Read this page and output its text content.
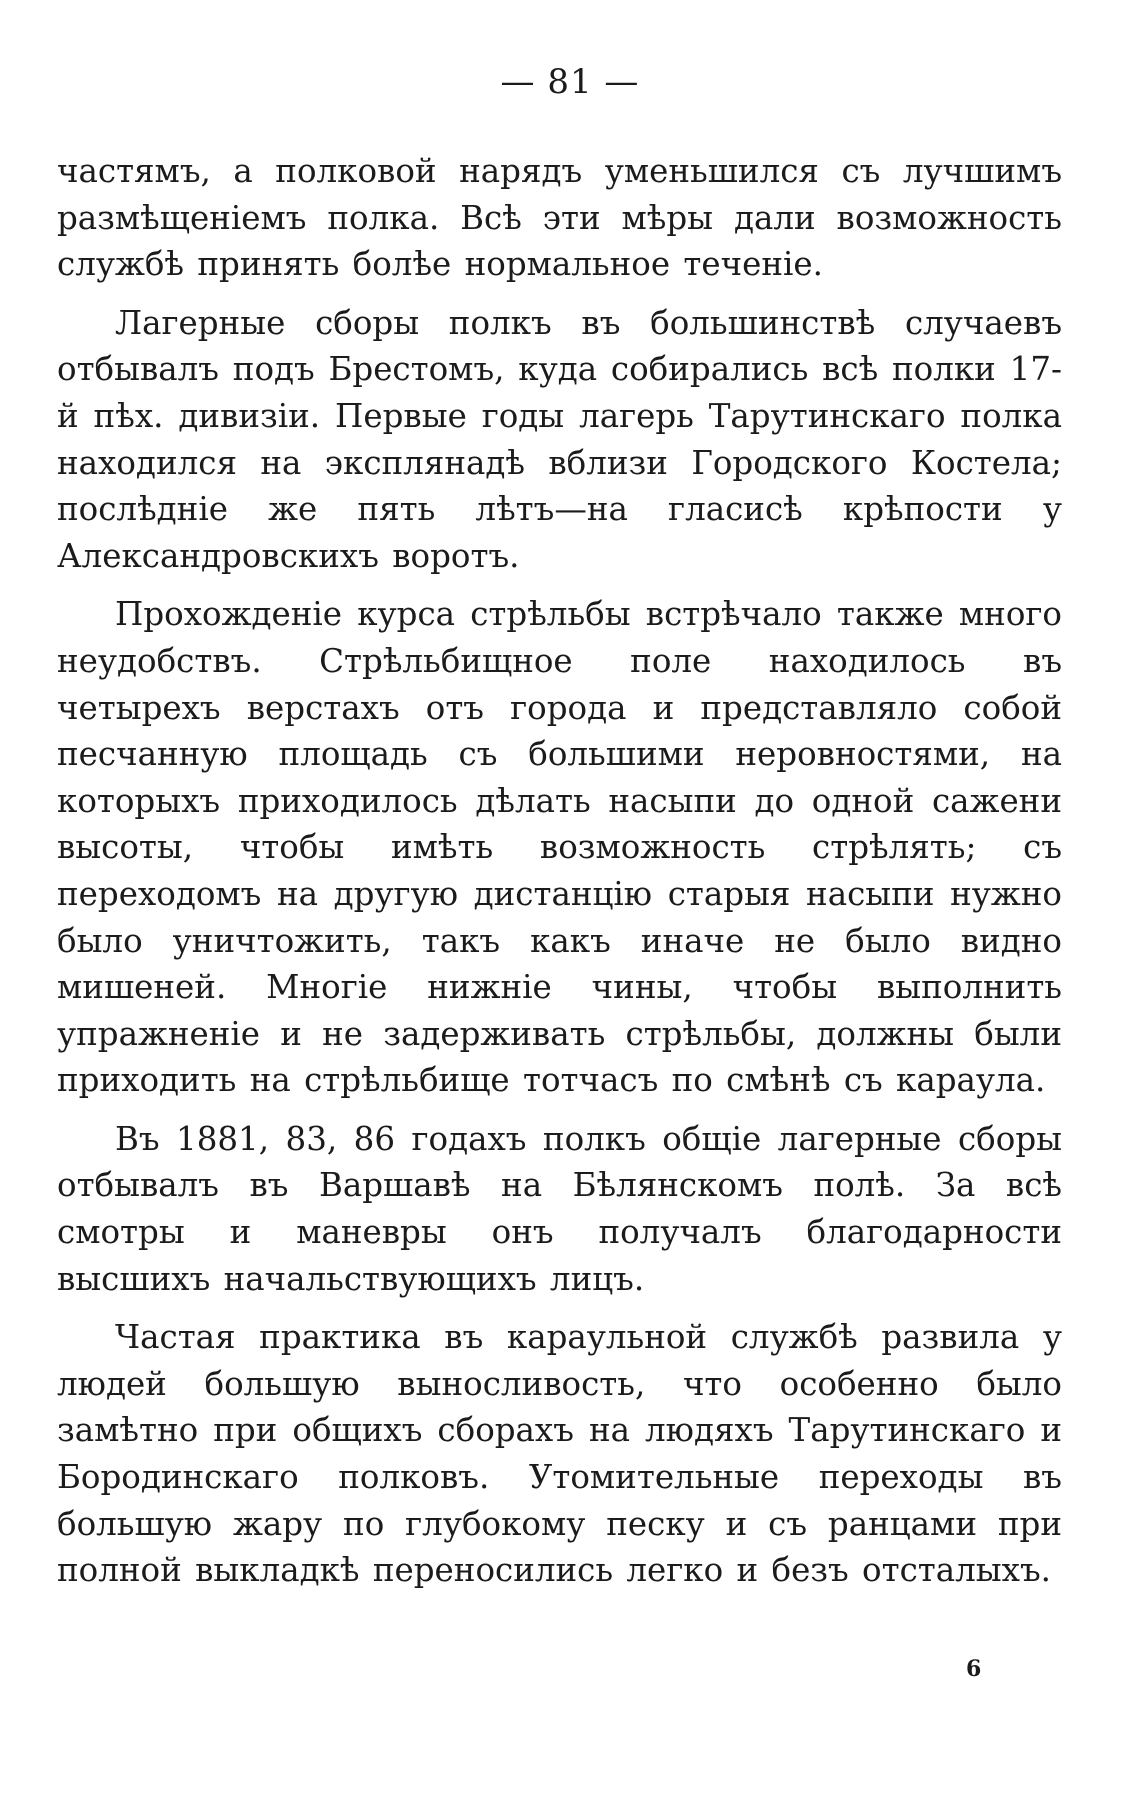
— 81 —

частямъ, а полковой нарядъ уменьшился съ лучшимъ размѣщеніемъ полка. Всѣ эти мѣры дали возможность службѣ принять болѣе нормальное теченіе.

Лагерные сборы полкъ въ большинствѣ случаевъ отбывалъ подъ Брестомъ, куда собирались всѣ полки 17-й пѣх. дивизіи. Первые годы лагерь Тарутинскаго полка находился на эксплянадѣ вблизи Городского Костела; послѣдніе же пять лѣтъ—на гласисѣ крѣпости у Александровскихъ воротъ.

Прохожденіе курса стрѣльбы встрѣчало также много неудобствъ. Стрѣльбищное поле находилось въ четырехъ верстахъ отъ города и представляло собой песчанную площадь съ большими неровностями, на которыхъ приходилось дѣлать насыпи до одной сажени высоты, чтобы имѣть возможность стрѣлять; съ переходомъ на другую дистанцію старыя насыпи нужно было уничтожить, такъ какъ иначе не было видно мишеней. Многіе нижніе чины, чтобы выполнить упражненіе и не задерживать стрѣльбы, должны были приходить на стрѣльбище тотчасъ по смѣнѣ съ караула.

Въ 1881, 83, 86 годахъ полкъ общіе лагерные сборы отбывалъ въ Варшавѣ на Бѣлянскомъ полѣ. За всѣ смотры и маневры онъ получалъ благодарности высшихъ начальствующихъ лицъ.

Частая практика въ караульной службѣ развила у людей большую выносливость, что особенно было замѣтно при общихъ сборахъ на людяхъ Тарутинскаго и Бородинскаго полковъ. Утомительные переходы въ большую жару по глубокому песку и съ ранцами при полной выкладкѣ переносились легко и безъ отсталыхъ.

6
